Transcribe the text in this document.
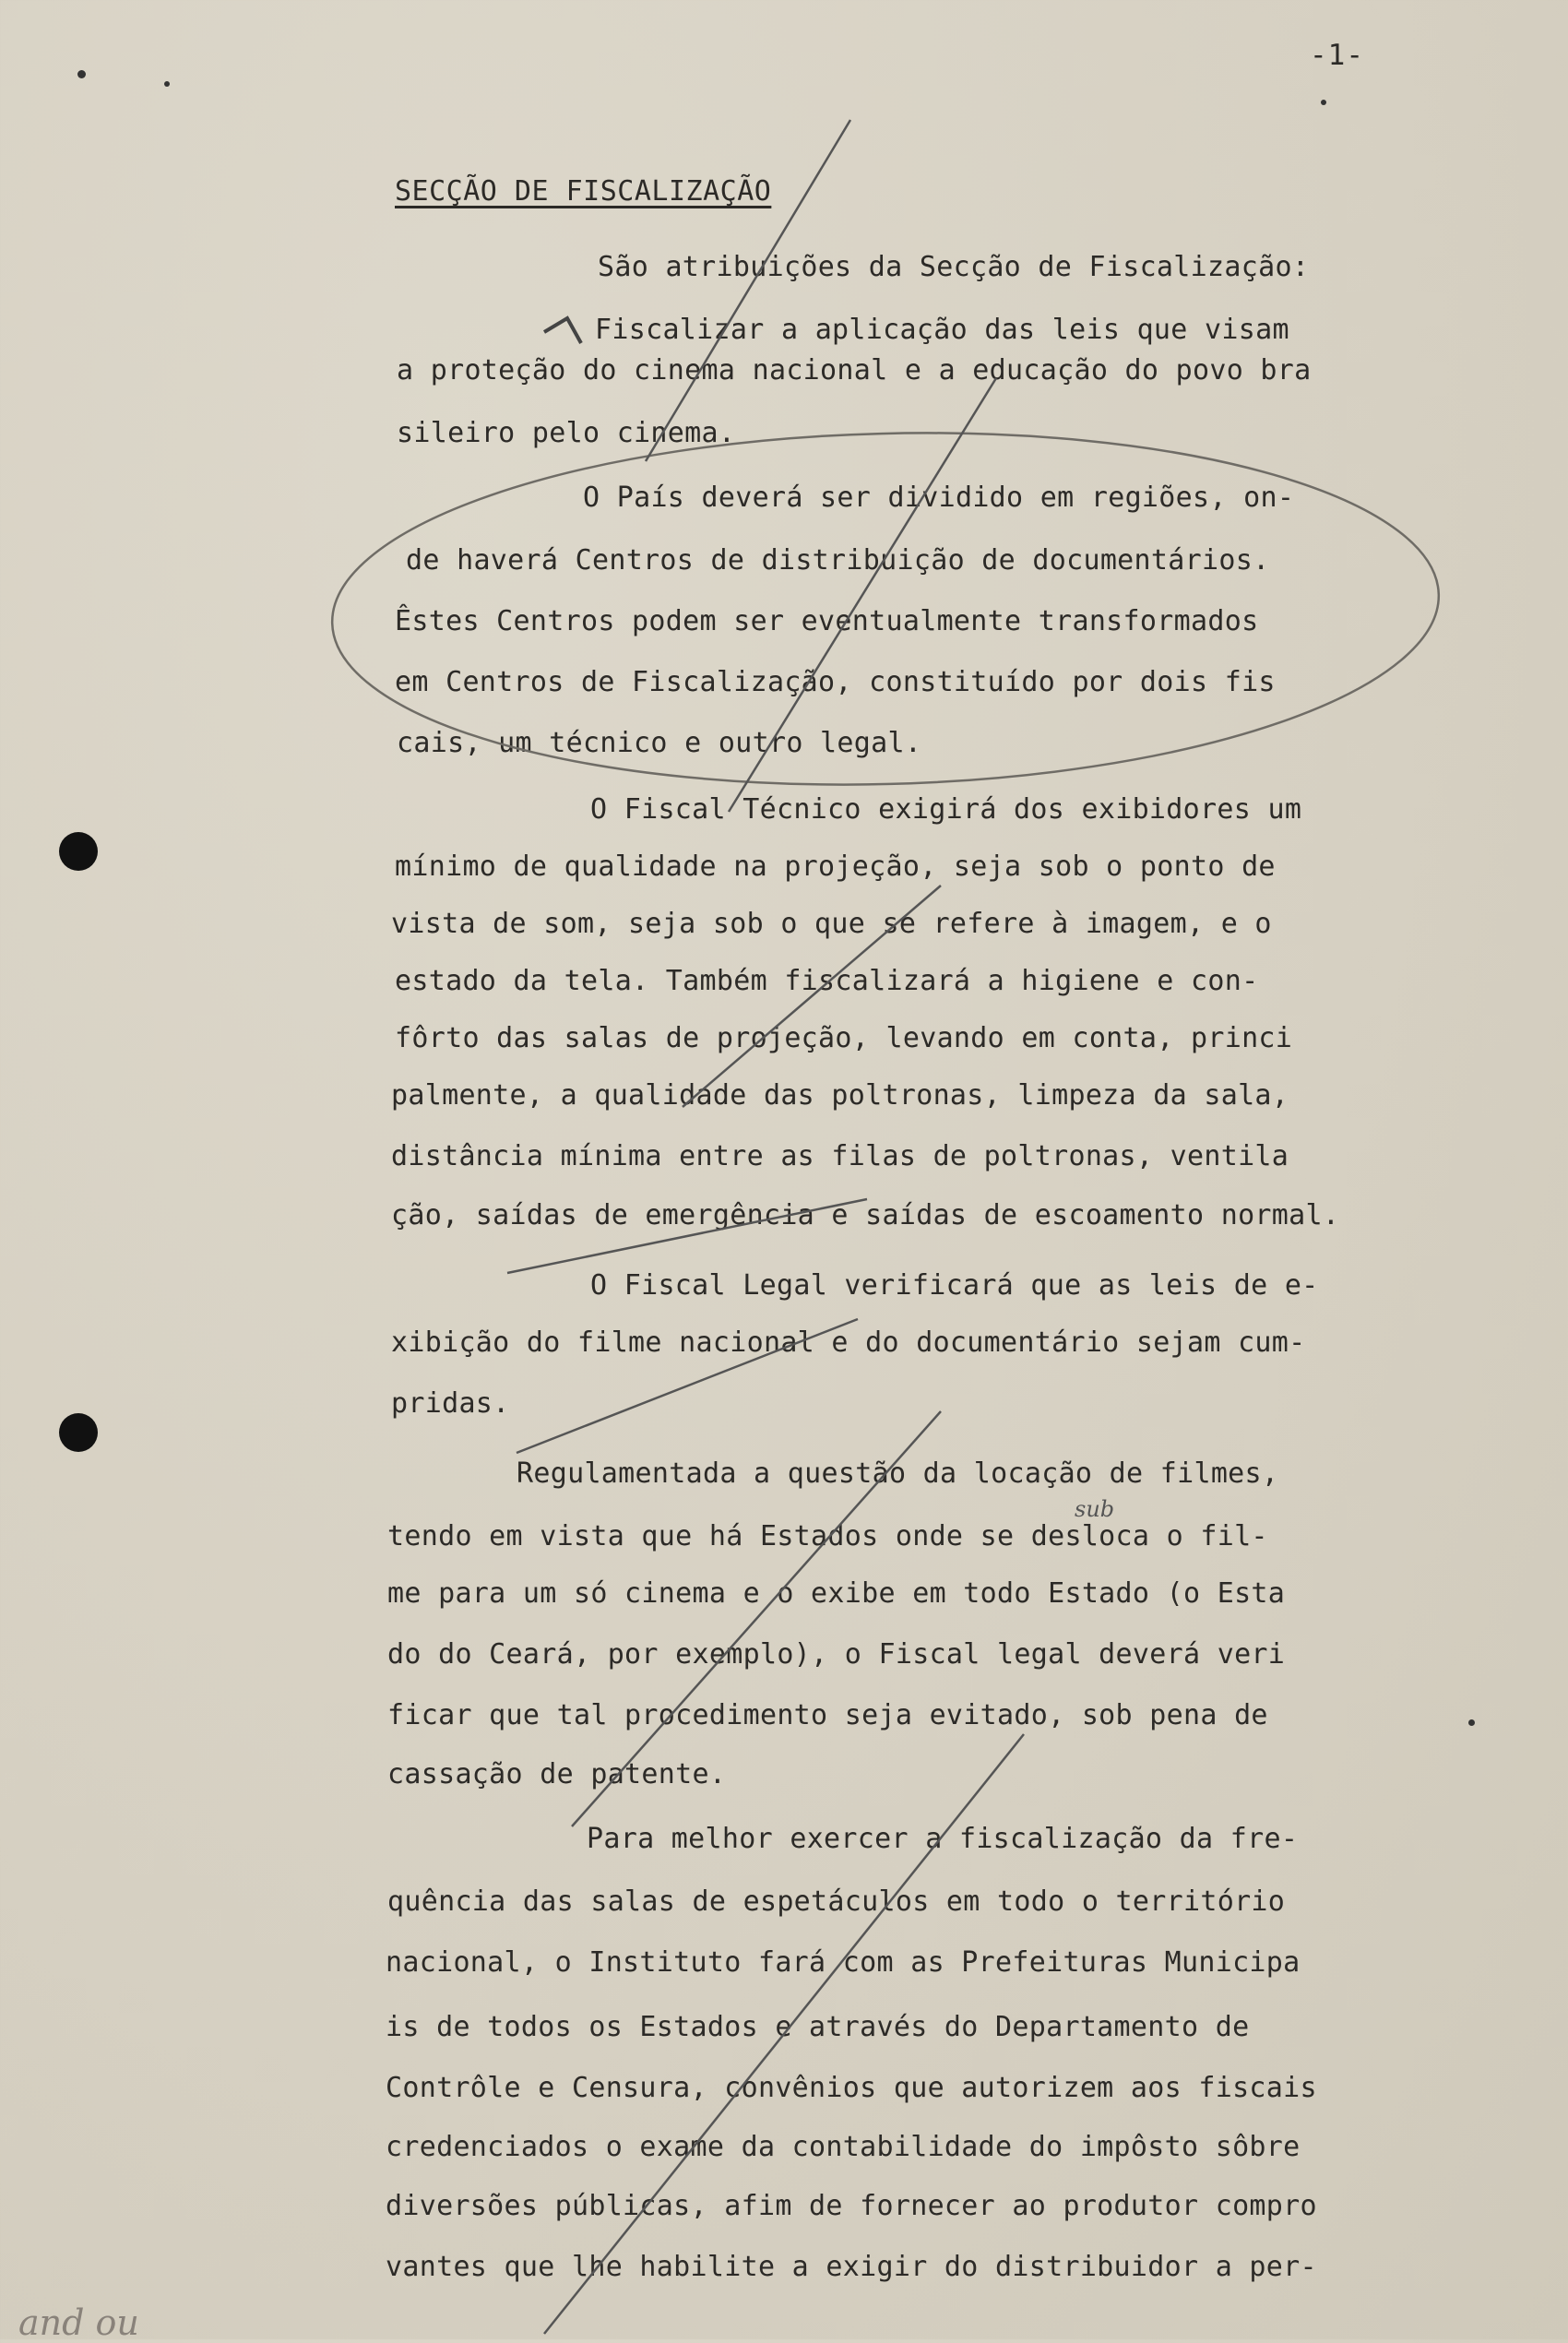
-1-
SECÇÃO DE FISCALIZAÇÃO
São atribuições da Secção de Fiscalização:
Fiscalizar a aplicação das leis que visam
a proteção do cinema nacional e a educação do povo bra
sileiro pelo cinema.
O País deverá ser dividido em regiões, on-
de haverá Centros de distribuição de documentários.
Êstes Centros podem ser eventualmente transformados
em Centros de Fiscalização, constituído por dois fis
cais, um técnico e outro legal.
O Fiscal Técnico exigirá dos exibidores um
mínimo de qualidade na projeção, seja sob o ponto de
vista de som, seja sob o que se refere à imagem, e o
estado da tela. Também fiscalizará a higiene e con-
fôrto das salas de projeção, levando em conta, princi
palmente, a qualidade das poltronas, limpeza da sala,
distância mínima entre as filas de poltronas, ventila
ção, saídas de emergência e saídas de escoamento normal.
O Fiscal Legal verificará que as leis de e-
xibição do filme nacional e do documentário sejam cum-
pridas.
Regulamentada a questão da locação de filmes,
tendo em vista que há Estados onde se desloca o fil-
me para um só cinema e o exibe em todo Estado (o Esta
do do Ceará, por exemplo), o Fiscal legal deverá veri
ficar que tal procedimento seja evitado, sob pena de
cassação de patente.
Para melhor exercer a fiscalização da fre-
quência das salas de espetáculos em todo o território
nacional, o Instituto fará com as Prefeituras Municipa
is de todos os Estados e através do Departamento de
Contrôle e Censura, convênios que autorizem aos fiscais
credenciados o exame da contabilidade do impôsto sôbre
diversões públicas, afim de fornecer ao produtor compro
vantes que lhe habilite a exigir do distribuidor a per-
sub
and ou
